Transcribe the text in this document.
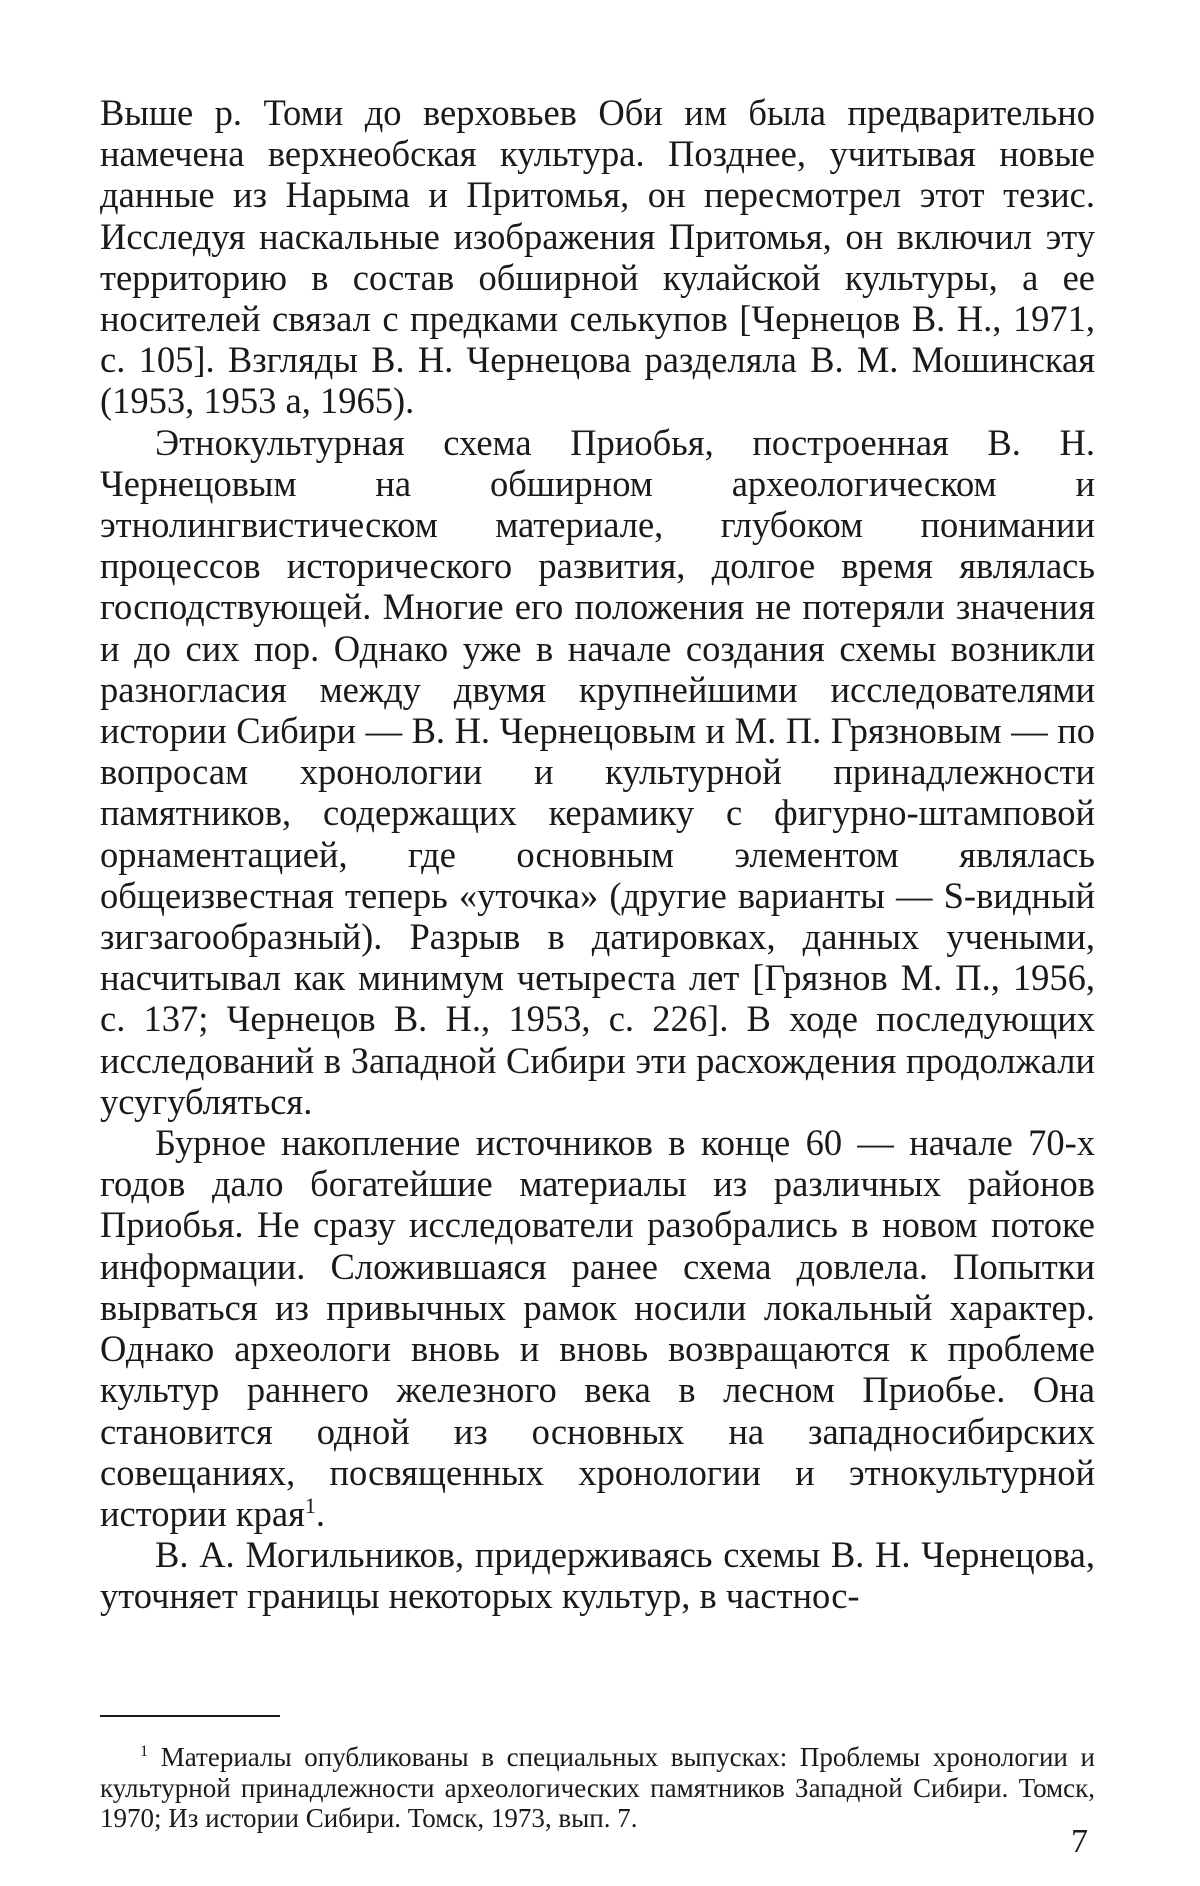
Выше р. Томи до верховьев Оби им была предварительно намечена верхнеобская культура. Позднее, учитывая новые данные из Нарыма и Притомья, он пересмотрел этот тезис. Исследуя наскальные изображения Притомья, он включил эту территорию в состав обширной кулайской культуры, а ее носителей связал с предками селькупов [Чернецов В. Н., 1971, с. 105]. Взгляды В. Н. Чернецова разделяла В. М. Мошинская (1953, 1953 а, 1965).

Этнокультурная схема Приобья, построенная В. Н. Чернецовым на обширном археологическом и этнолингвистическом материале, глубоком понимании процессов исторического развития, долгое время являлась господствующей. Многие его положения не потеряли значения и до сих пор. Однако уже в начале создания схемы возникли разногласия между двумя крупнейшими исследователями истории Сибири — В. Н. Чернецовым и М. П. Грязновым — по вопросам хронологии и культурной принадлежности памятников, содержащих керамику с фигурно-штамповой орнаментацией, где основным элементом являлась общеизвестная теперь «уточка» (другие варианты — S-видный зигзагообразный). Разрыв в датировках, данных учеными, насчитывал как минимум четыреста лет [Грязнов М. П., 1956, с. 137; Чернецов В. Н., 1953, с. 226]. В ходе последующих исследований в Западной Сибири эти расхождения продолжали усугубляться.

Бурное накопление источников в конце 60 — начале 70-х годов дало богатейшие материалы из различных районов Приобья. Не сразу исследователи разобрались в новом потоке информации. Сложившаяся ранее схема довлела. Попытки вырваться из привычных рамок носили локальный характер. Однако археологи вновь и вновь возвращаются к проблеме культур раннего железного века в лесном Приобье. Она становится одной из основных на западносибирских совещаниях, посвященных хронологии и этнокультурной истории края$^1$.

В. А. Могильников, придерживаясь схемы В. Н. Чернецова, уточняет границы некоторых культур, в частнос-

$^1$ Материалы опубликованы в специальных выпусках: Проблемы хронологии и культурной принадлежности археологических памятников Западной Сибири. Томск, 1970; Из истории Сибири. Томск, 1973, вып. 7.

7
